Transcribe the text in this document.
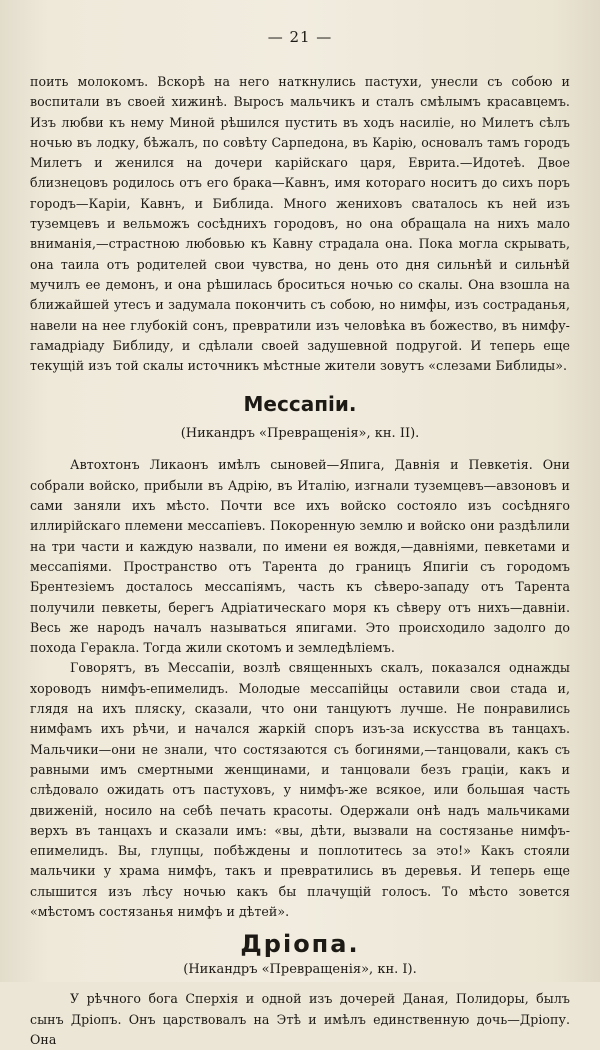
— 21 —

поить молокомъ. Вскорѣ на него наткнулись пастухи, унесли съ собою и воспитали въ своей хижинѣ. Выросъ мальчикъ и сталъ смѣлымъ красавцемъ. Изъ любви къ нему Миной рѣшился пустить въ ходъ насиліе, но Милетъ сѣлъ ночью въ лодку, бѣжалъ, по совѣту Сарпедона, въ Карію, основалъ тамъ городъ Милетъ и женился на дочери карійскаго царя, Еврита.—Идотеѣ. Двое близнецовъ родилось отъ его брака—Кавнъ, имя котораго носитъ до сихъ поръ городъ—Каріи, Кавнъ, и Библида. Много жениховъ сваталось къ ней изъ туземцевъ и вельможъ сосѣднихъ городовъ, но она обращала на нихъ мало вниманія,—страстною любовью къ Кавну страдала она. Пока могла скрывать, она таила отъ родителей свои чувства, но день ото дня сильнѣй и сильнѣй мучилъ ее демонъ, и она рѣшилась броситься ночью со скалы. Она взошла на ближайшей утесъ и задумала покончить съ собою, но нимфы, изъ состраданья, навели на нее глубокій сонъ, превратили изъ человѣка въ божество, въ нимфу-гамадріаду Библиду, и сдѣлали своей задушевной подругой. И теперь еще текущій изъ той скалы источникъ мѣстные жители зовутъ «слезами Библиды».

Мессапіи.
(Никандръ «Превращенія», кн. II).

Автохтонъ Ликаонъ имѣлъ сыновей—Япига, Давнія и Певкетія. Они собрали войско, прибыли въ Адрію, въ Италію, изгнали туземцевъ—авзоновъ и сами заняли ихъ мѣсто. Почти все ихъ войско состояло изъ сосѣдняго иллирійскаго племени мессапіевъ. Покоренную землю и войско они раздѣлили на три части и каждую назвали, по имени ея вождя,—давніями, певкетами и мессапіями. Пространство отъ Тарента до границъ Япигіи съ городомъ Брентезіемъ досталось мессапіямъ, часть къ сѣверо-западу отъ Тарента получили певкеты, берегъ Адріатическаго моря къ сѣверу отъ нихъ—давніи. Весь же народъ началъ называться япигами. Это происходило задолго до похода Геракла. Тогда жили скотомъ и земледѣліемъ.

Говорятъ, въ Мессапіи, возлѣ священныхъ скалъ, показался однажды хороводъ нимфъ-епимелидъ. Молодые мессапійцы оставили свои стада и, глядя на ихъ пляску, сказали, что они танцуютъ лучше. Не понравились нимфамъ ихъ рѣчи, и начался жаркій споръ изъ-за искусства въ танцахъ. Мальчики—они не знали, что состязаются съ богинями,—танцовали, какъ съ равными имъ смертными женщинами, и танцовали безъ граціи, какъ и слѣдовало ожидать отъ пастуховъ, у нимфъ-же всякое, или большая часть движеній, носило на себѣ печать красоты. Одержали онѣ надъ мальчиками верхъ въ танцахъ и сказали имъ: «вы, дѣти, вызвали на состязанье нимфъ-епимелидъ. Вы, глупцы, побѣждены и поплотитесь за это!» Какъ стояли мальчики у храма нимфъ, такъ и превратились въ деревья. И теперь еще слышится изъ лѣсу ночью какъ бы плачущій голосъ. То мѣсто зовется «мѣстомъ состязанья нимфъ и дѣтей».

Дріопа.
(Никандръ «Превращенія», кн. I).

У рѣчного бога Сперхія и одной изъ дочерей Даная, Полидоры, былъ сынъ Дріопъ. Онъ царствовалъ на Этѣ и имѣлъ единственную дочь—Дріопу. Она
